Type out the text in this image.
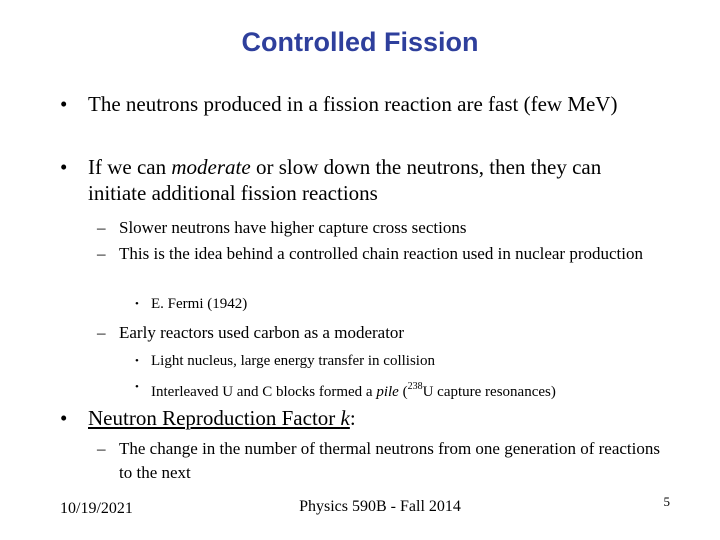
Controlled Fission
• The neutrons produced in a fission reaction are fast (few MeV)
• If we can moderate or slow down the neutrons, then they can initiate additional fission reactions
– Slower neutrons have higher capture cross sections
– This is the idea behind a controlled chain reaction used in nuclear production
• E. Fermi (1942)
– Early reactors used carbon as a moderator
• Light nucleus, large energy transfer in collision
• Interleaved U and C blocks formed a pile ($^{238}$U capture resonances)
• Neutron Reproduction Factor k:
– The change in the number of thermal neutrons from one generation of reactions to the next
10/19/2021	Physics 590B - Fall 2014	5
